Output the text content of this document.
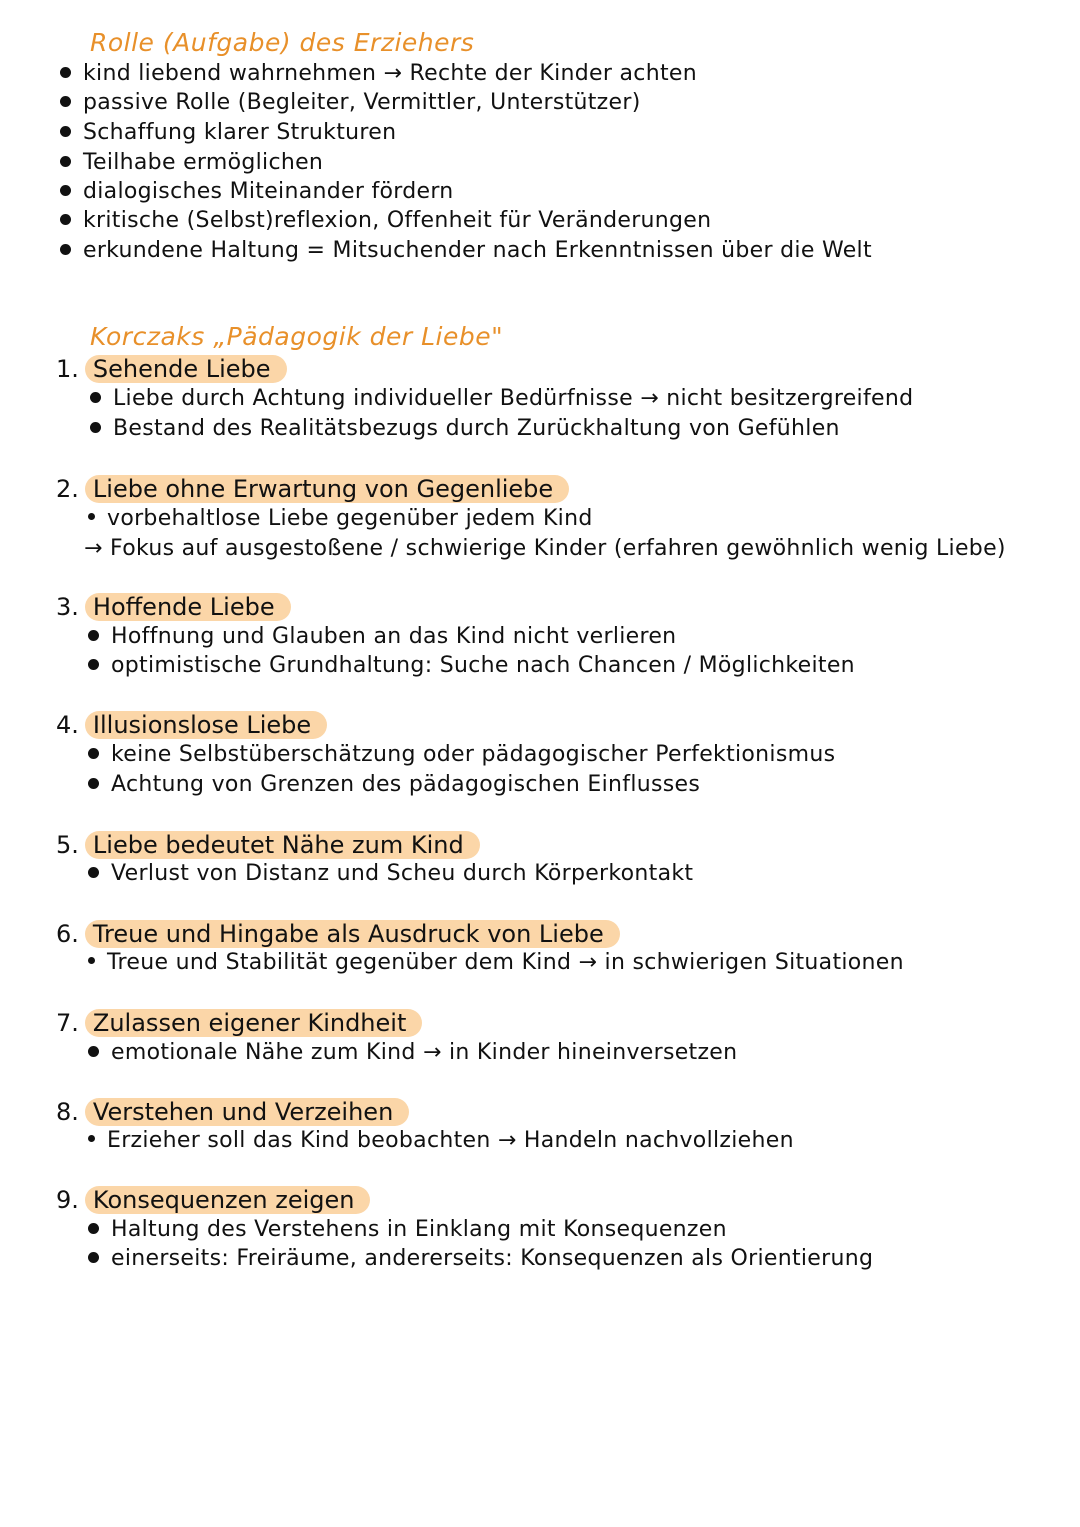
Rolle (Aufgabe) des Erziehers
kind liebend wahrnehmen → Rechte der Kinder achten
passive Rolle (Begleiter, Vermittler, Unterstützer)
Schaffung klarer Strukturen
Teilhabe ermöglichen
dialogisches Miteinander fördern
kritische (Selbst)reflexion, Offenheit für Veränderungen
erkundene Haltung = Mitsuchender nach Erkenntnissen über die Welt
Korczaks „Pädagogik der Liebe"
1. Sehende Liebe
Liebe durch Achtung individueller Bedürfnisse → nicht besitzergreifend
Bestand des Realitätsbezugs durch Zurückhaltung von Gefühlen
2. Liebe ohne Erwartung von Gegenliebe
vorbehaltlose Liebe gegenüber jedem Kind
→ Fokus auf ausgestoßene / schwierige Kinder (erfahren gewöhnlich wenig Liebe)
3. Hoffende Liebe
Hoffnung und Glauben an das Kind nicht verlieren
optimistische Grundhaltung: Suche nach Chancen / Möglichkeiten
4. Illusionslose Liebe
keine Selbstüberschätzung oder pädagogischer Perfektionismus
Achtung von Grenzen des pädagogischen Einflusses
5. Liebe bedeutet Nähe zum Kind
Verlust von Distanz und Scheu durch Körperkontakt
6. Treue und Hingabe als Ausdruck von Liebe
Treue und Stabilität gegenüber dem Kind → in schwierigen Situationen
7. Zulassen eigener Kindheit
emotionale Nähe zum Kind → in Kinder hineinversetzen
8. Verstehen und Verzeihen
Erzieher soll das Kind beobachten → Handeln nachvollziehen
9. Konsequenzen zeigen
Haltung des Verstehens in Einklang mit Konsequenzen
einerseits: Freiräume, andererseits: Konsequenzen als Orientierung
